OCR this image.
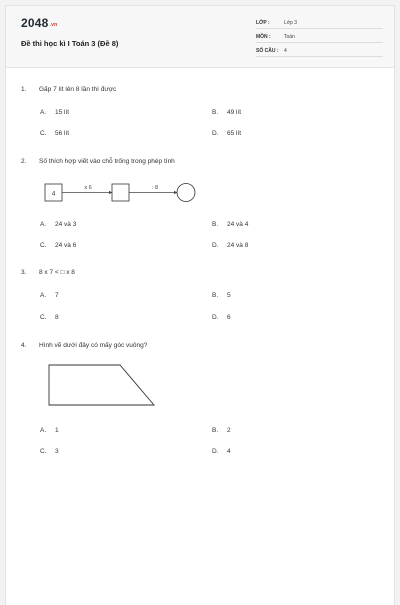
2048.vn
Đề thi học kì I Toán 3 (Đề 8)
LỚP :	Lớp 3
MÔN :	Toán
SỐ CÂU : 4
1. Gấp 7 lít lên 8 lần thì được
A. 15 lít	B. 49 lít
C. 56 lít	D. 65 lít
2. Số thích hợp viết vào chỗ trống trong phép tính
4
x 6	: 8
A. 24 và 3	B. 24 và 4
C. 24 và 6	D. 24 và 8
3. 8 x 7 < □ x 8
A. 7	B. 5
C. 8	D. 6
4. Hình vẽ dưới đây có mấy góc vuông?
A. 1	B. 2
C. 3	D. 4
